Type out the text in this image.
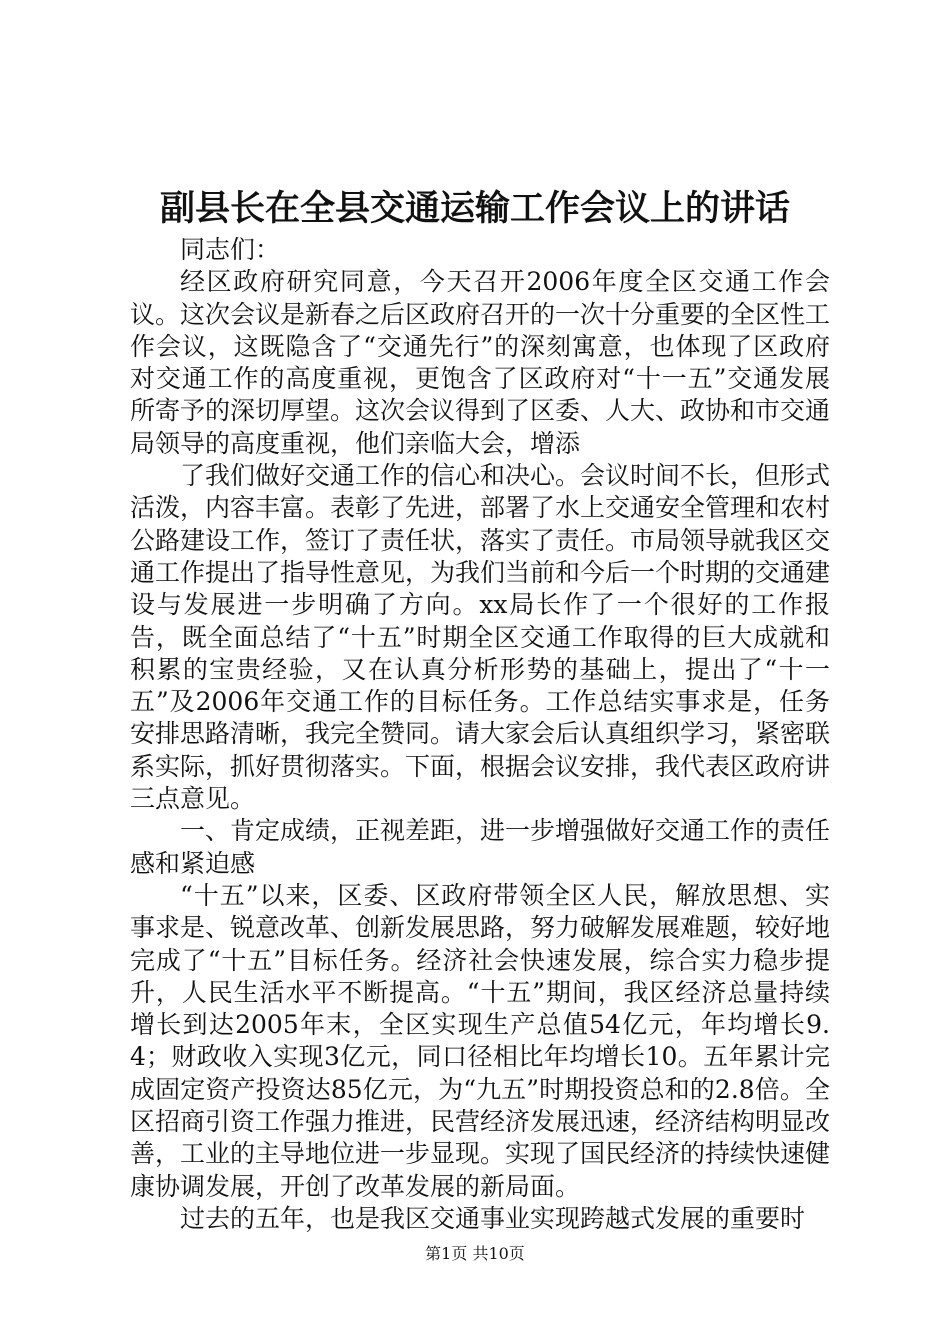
副县长在全县交通运输工作会议上的讲话

同志们：

经区政府研究同意，今天召开2006年度全区交通工作会议。这次会议是新春之后区政府召开的一次十分重要的全区性工作会议，这既隐含了“交通先行”的深刻寓意，也体现了区政府对交通工作的高度重视，更饱含了区政府对“十一五”交通发展所寄予的深切厚望。这次会议得到了区委、人大、政协和市交通局领导的高度重视，他们亲临大会，增添

了我们做好交通工作的信心和决心。会议时间不长，但形式活泼，内容丰富。表彰了先进，部署了水上交通安全管理和农村公路建设工作，签订了责任状，落实了责任。市局领导就我区交通工作提出了指导性意见，为我们当前和今后一个时期的交通建设与发展进一步明确了方向。xx局长作了一个很好的工作报告，既全面总结了“十五”时期全区交通工作取得的巨大成就和积累的宝贵经验，又在认真分析形势的基础上，提出了“十一五”及2006年交通工作的目标任务。工作总结实事求是，任务安排思路清晰，我完全赞同。请大家会后认真组织学习，紧密联系实际，抓好贯彻落实。下面，根据会议安排，我代表区政府讲三点意见。

一、肯定成绩，正视差距，进一步增强做好交通工作的责任感和紧迫感

“十五”以来，区委、区政府带领全区人民，解放思想、实事求是、锐意改革、创新发展思路，努力破解发展难题，较好地完成了“十五”目标任务。经济社会快速发展，综合实力稳步提升，人民生活水平不断提高。“十五”期间，我区经济总量持续增长到达2005年末，全区实现生产总值54亿元，年均增长9.4；财政收入实现3亿元，同口径相比年均增长10。五年累计完成固定资产投资达85亿元，为“九五”时期投资总和的2.8倍。全区招商引资工作强力推进，民营经济发展迅速，经济结构明显改善，工业的主导地位进一步显现。实现了国民经济的持续快速健康协调发展，开创了改革发展的新局面。

过去的五年，也是我区交通事业实现跨越式发展的重要时

第1页 共10页
